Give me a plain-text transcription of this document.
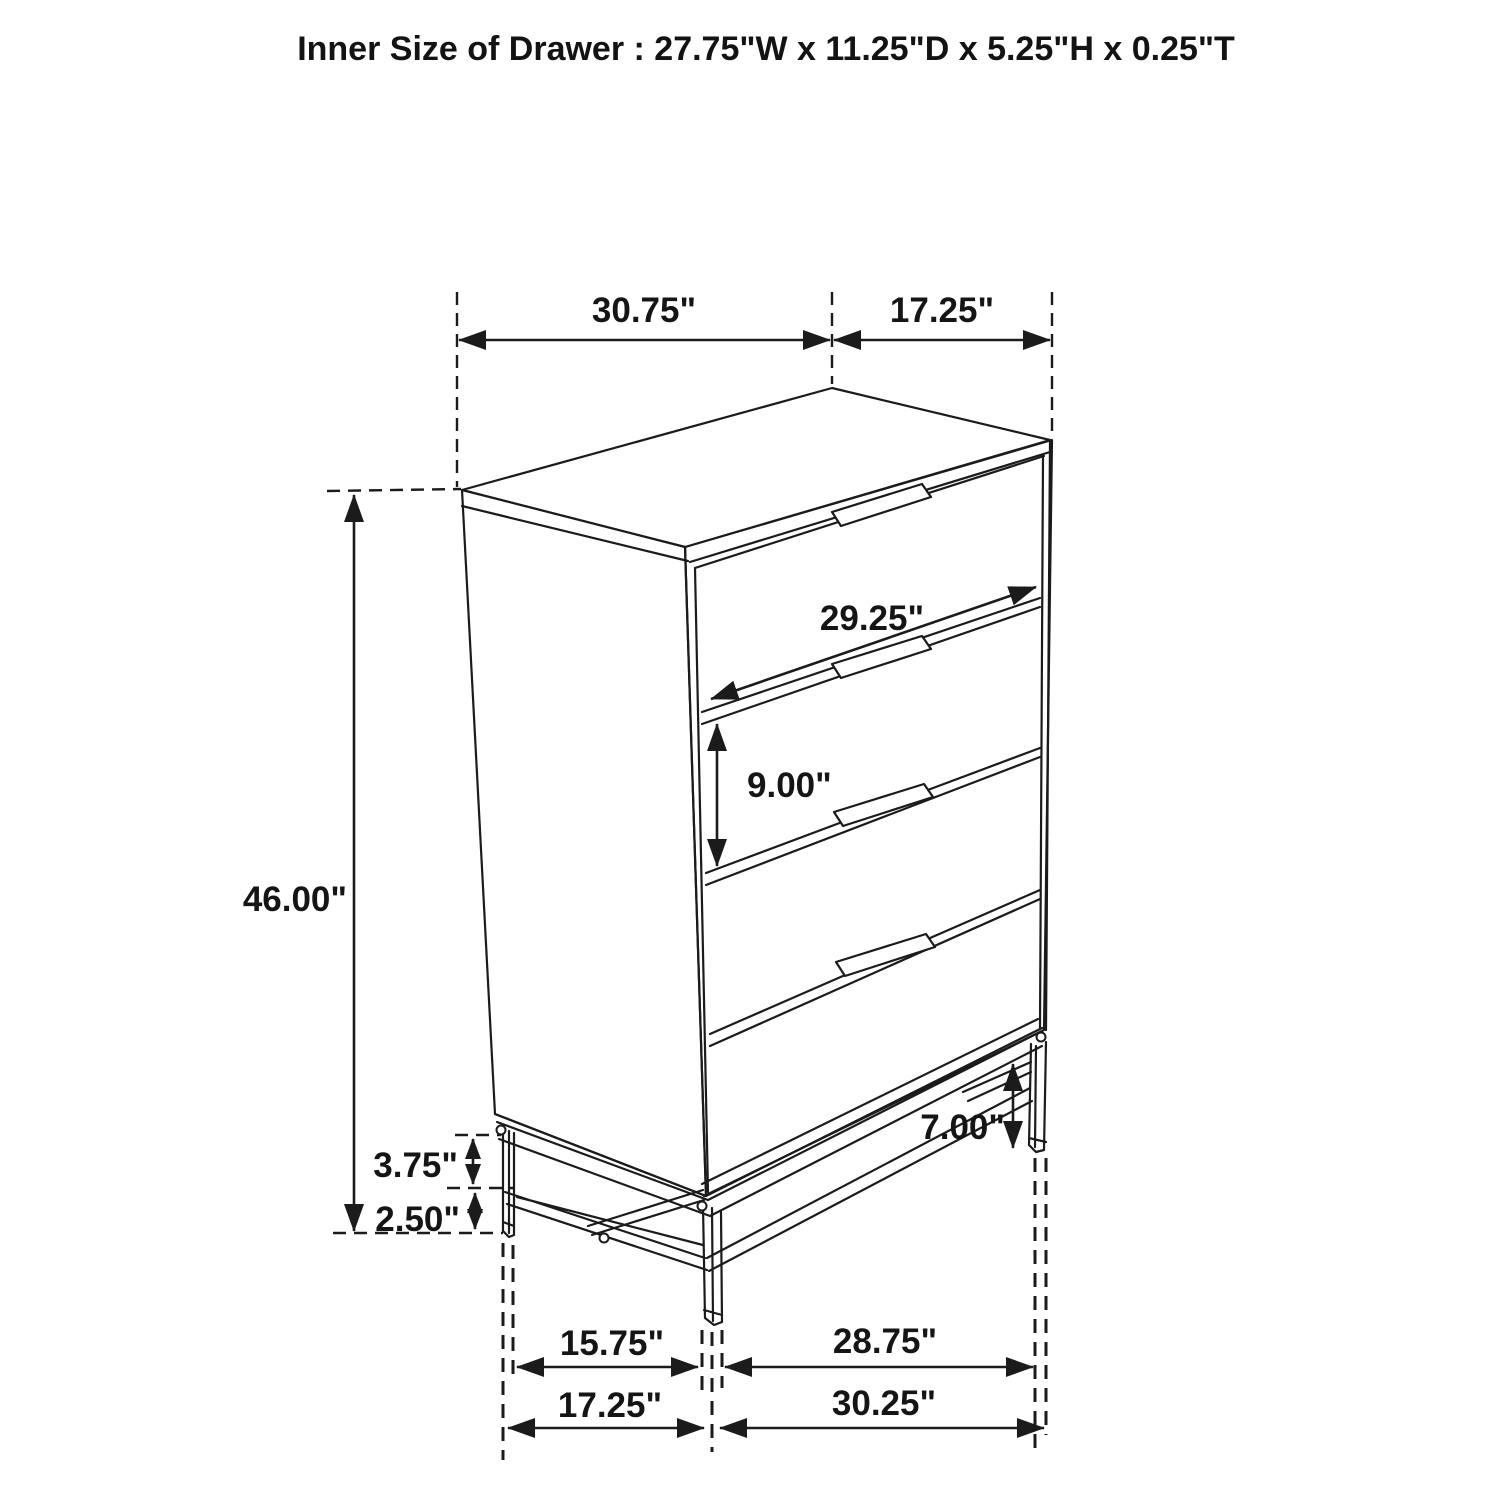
Inner Size of Drawer : 27.75"W x 11.25"D x 5.25"H x 0.25"T
30.75"	17.25"
29.25"
9.00"
46.00"
7.00"
3.75"
2.50"
15.75"	28.75"
17.25"	30.25"
